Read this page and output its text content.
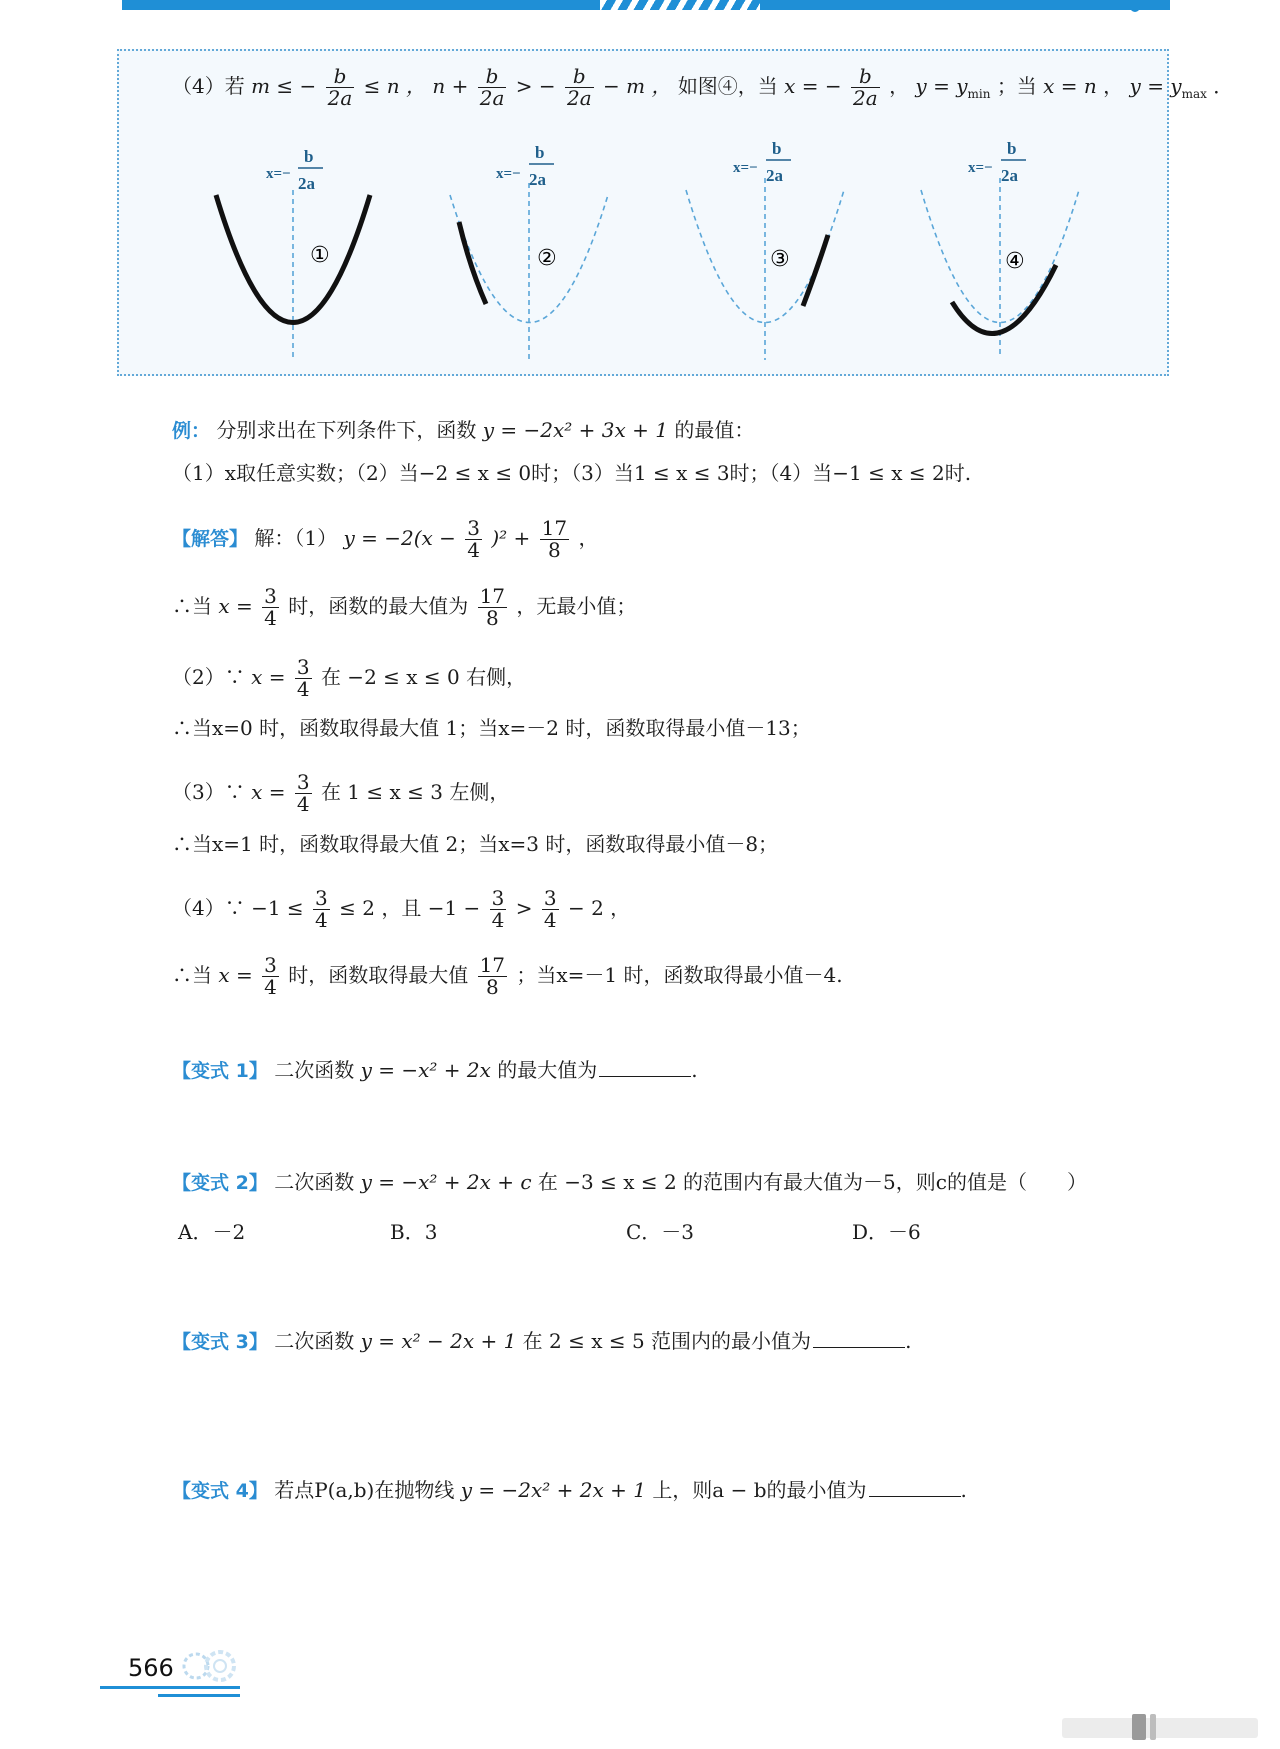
（4）若 m ≤ − $\frac{b}{2a} \le n$ ， $n + \frac{b}{2a}$ > − $\frac{b}{2a} - m$ ， 如图④，当 x = − $\frac{b}{2a}$ ， $y = y_{min}$ ；当 x = n ， $y = y_{max}$ ．
①
x=−
b
2a
②
x=−
b
2a
③
x=−
b
2a
④
x=−
b
2a
例： 分别求出在下列条件下，函数 y = −2x² + 3x + 1 的最值：
（1）x取任意实数；（2）当−2 ≤ x ≤ 0时；（3）当1 ≤ x ≤ 3时；（4）当−1 ≤ x ≤ 2时.
【解答】 解：（1） $y = -2(x - \frac{3}{4} )^2 + \frac{17}{8}$ ，
∴当 $x = \frac{3}{4}$ 时，函数的最大值为 $\frac{17}{8}$ ，无最小值；
（2）∵ $x = \frac{3}{4}$ 在 −2 ≤ x ≤ 0 右侧，
∴当x=0 时，函数取得最大值 1；当x=－2 时，函数取得最小值－13；
（3）∵ $x = \frac{3}{4}$ 在 1 ≤ x ≤ 3 左侧，
∴当x=1 时，函数取得最大值 2；当x=3 时，函数取得最小值－8；
（4）∵ $-1 \le \frac{3}{4} \le 2$ ，且 $-1 - \frac{3}{4} > \frac{3}{4} - 2$ ，
∴当 $x = \frac{3}{4}$ 时，函数取得最大值 $\frac{17}{8}$ ；当x=－1 时，函数取得最小值－4.
【变式 1】 二次函数 y = −x² + 2x 的最大值为	.
【变式 2】 二次函数 y = −x² + 2x + c 在 −3 ≤ x ≤ 2 的范围内有最大值为－5，则c的值是（　　）
A．－2	B．3	C．－3	D．－6
【变式 3】 二次函数 y = x² − 2x + 1 在 2 ≤ x ≤ 5 范围内的最小值为	.
【变式 4】 若点P(a,b)在抛物线 y = −2x² + 2x + 1 上，则a − b的最小值为	.
566
